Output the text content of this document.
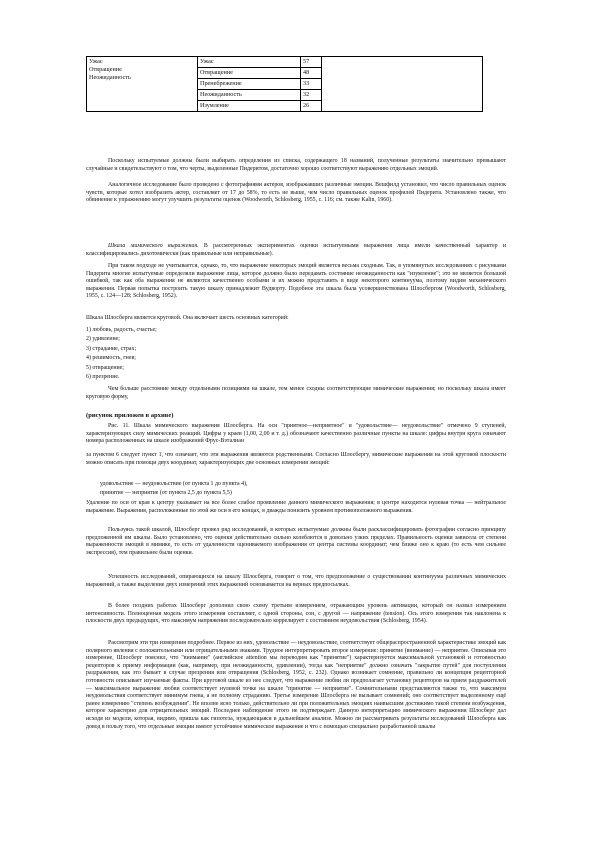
Ужас
Отвращение
Неожиданность	Ужас	57	
	Отвращение	48	
	Пренебрежение	33	
	Неожиданность	32	
	Изумление	26	
Поскольку испытуемые должны были выбирать определения из списка, содержащего 18 названий, полученные результаты значительно превышают случайные и свидетельствуют о том, что черты, выделенные Пидеритом, достаточно хорошо соответствуют выражению отдельных эмоций.
Аналогичное исследование было проведено с фотографиями актеров, изображавших различные эмоции. Вешфилд установил, что число правильных оценок чувств, которые хотел изобразить актер, составляет от 17 до 58%, то есть не выше, чем число правильных оценок профилей Пидерита. Установлено также, что обвинение к упражнению могут улучшить результаты оценок (Woodworth, Schlosberg, 1955, с. 116; см. также Kalin, 1960).
Шкала мимического выражения. В рассмотренных экспериментах оценки испытуемыми выражения лица имели качественный характер и классифицировались дихотомически (как правильные или неправильные).
При таком подходе не учитывается, однако, то, что выражение некоторых эмоций является весьма сходным. Так, в упомянутых исследованиях с рисунками Пидерита многие испытуемые определяли выражение лица, которое должно было передавать состояние неожиданности как "изумление"; это не является большой ошибкой, так как оба выражения не являются качественно особыми и их можно представить в виде некоторого континуума, поэтому видим механического выражения. Первая попытка построить такую шкалу принадлежит Вудворту. Подобное эта шкала была усовершенствована Шлосбергом (Woodworth, Schlosberg, 1955, с. 124—128; Schlosberg, 1952).
Шкала Шлосберга является круговой. Она включает шесть основных категорий:
1) любовь, радость, счастье;
2) удивление;
3) страдание, страх;
4) решимость, гнев;
5) отвращение;
6) презрение.
Чем больше расстояние между отдельными позициями на шкале, тем менее сходны соответствующие мимические выражения; но поскольку шкала имеет круговую форму,
(рисунок приложен в архиве)
Рис. 11. Шкала мимического выражения Шлосберга. На оси "приятное—неприятное" и "удовольствие— неудовольствие" отмечено 9 ступеней, характеризующих силу мимических реакций. Цифры у краев (1,00, 2,00 и т. д.) обозначают качественно различные пункты на шкале: цифры внутри круга означают номера расположенных на шкале изображений Фрус-Вэталиан
за пунктом 6 следует пункт 1, что означает, что эти выражения являются родственными. Согласно Шлосбергу, мимические выражения на этой круговой плоскости можно описать при помощи двух координат, характеризующих две основных измерения эмоций:
удовольствие — неудовольствие (от пункта 1 до пункта 4),
принятие — неприятие (от пункта 2,5 до пункта 5,5)
Удаление по оси от края к центру указывает на все более слабое проявление данного мимического выражения; в центре находится нулевая точка — нейтральное выражение. Выражения, расположенные по этой же оси в его концах, в дважды понизить уровнем противоположного выражения.
Пользуясь такой шкалой, Шлосберг провел ряд исследований, в которых испытуемые должны были расклассифицировать фотографии согласно принципу предложенной им шкалы. Было установлено, что оценки действительно сильно колеблются в довольно узких пределах. Правильность оценки зависела от степени выраженности эмоций в мимике, то есть от удаленности оцениваемого изображения от центра системы координат; чем ближе оно к краю (то есть чем сильнее экспрессия), тем правильнее были оценки.
Успешность исследований, опирающихся на шкалу Шлосберга, говорит о том, что предположение о существовании континуума различных мимических выражений, а также выделение двух измерений этих выражений основывается на верных предпосылках.
В более поздних работах Шлосберг дополнил свою схему третьим измерением, отражающим уровень активации, который он назвал измерением интенсивности. Полноценная модель этого измерения составляет, с одной стороны, сон, с другой — напряжение (tension). Ось этого измерения так наклонена к плоскости двух предыдущих, что максимум напряжения последовательно коррелирует с состоянием неудовольствия (Schlosberg, 1954).
Рассмотрим эти три измерения подробнее. Первое из них, удовольствие — неудовольствие, соответствует общераспространенной характеристике эмоций как полярного явления с положительными или отрицательными знаками. Трудное интерпретировать второе измерение: принятие (внимание) — неприятие. Описывая это измерение, Шлосберг пояснил, что "внимание" (английское attention мы переводим как "принятие") характеризуется максимальной установкой и готовностью рецепторов к приему информации (как, например, при неожиданности, удивлении), тогда как "неприятие" должно означать "закрытие путей" для поступления раздражения, как это бывает в случае презрения или отвращения (Schlosberg, 1952, с. 232). Однако возникает сомнение, правильно ли концепция рецепторной готовности описывает изучаемые факты. При круговой шкале из нее следует, что выражение любви ли предполагает установку рецепторов на прием раздражителей — максимальное выражение любви соответствует нулевой точке на шкале "принятие — неприятие". Сомнительными представляются также то, что максимум неудовольствия соответствует минимум гнева, а не полному страданию. Третье измерение Шлосберга не вызывает сомнений; оно соответствует выделенному ещё ранее измерению "степень возбуждения". Не вполне ясно только, действительно ли при положительных эмоциях наивысшим достижимо такой степени возбуждения, которое характерно для отрицательных эмоций. Последнее наблюдение этого не подтверждает. Данную интерпретацию мимического выражения Шлосберг дал исходя из модели, которая, видимо, пришла как гипотеза, нуждающаяся в дальнейшем анализе. Можно ли рассматривать результаты исследований Шлосберга как довод в пользу того, что отдельные эмоции имеют устойчивое мимическое выражение и что с помощью специально разработанной шкалы
